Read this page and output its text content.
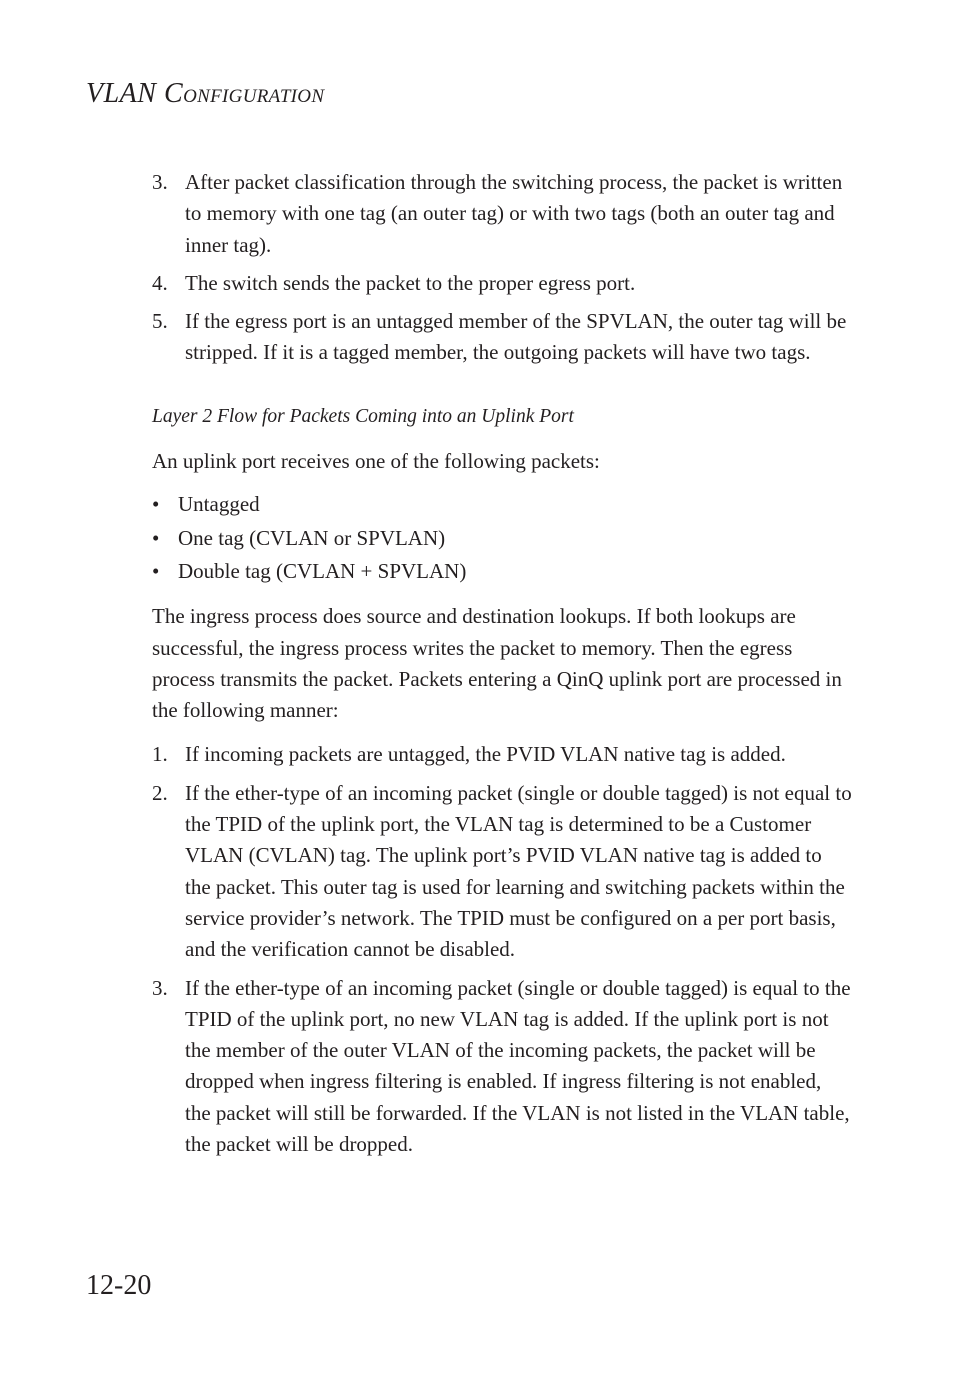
VLAN CONFIGURATION
3. After packet classification through the switching process, the packet is written to memory with one tag (an outer tag) or with two tags (both an outer tag and inner tag).
4. The switch sends the packet to the proper egress port.
5. If the egress port is an untagged member of the SPVLAN, the outer tag will be stripped. If it is a tagged member, the outgoing packets will have two tags.

Layer 2 Flow for Packets Coming into an Uplink Port

An uplink port receives one of the following packets:

• Untagged
• One tag (CVLAN or SPVLAN)
• Double tag (CVLAN + SPVLAN)

The ingress process does source and destination lookups. If both lookups are successful, the ingress process writes the packet to memory. Then the egress process transmits the packet. Packets entering a QinQ uplink port are processed in the following manner:

1. If incoming packets are untagged, the PVID VLAN native tag is added.
2. If the ether-type of an incoming packet (single or double tagged) is not equal to the TPID of the uplink port, the VLAN tag is determined to be a Customer VLAN (CVLAN) tag. The uplink port’s PVID VLAN native tag is added to the packet. This outer tag is used for learning and switching packets within the service provider’s network. The TPID must be configured on a per port basis, and the verification cannot be disabled.
3. If the ether-type of an incoming packet (single or double tagged) is equal to the TPID of the uplink port, no new VLAN tag is added. If the uplink port is not the member of the outer VLAN of the incoming packets, the packet will be dropped when ingress filtering is enabled. If ingress filtering is not enabled, the packet will still be forwarded. If the VLAN is not listed in the VLAN table, the packet will be dropped.
12-20
